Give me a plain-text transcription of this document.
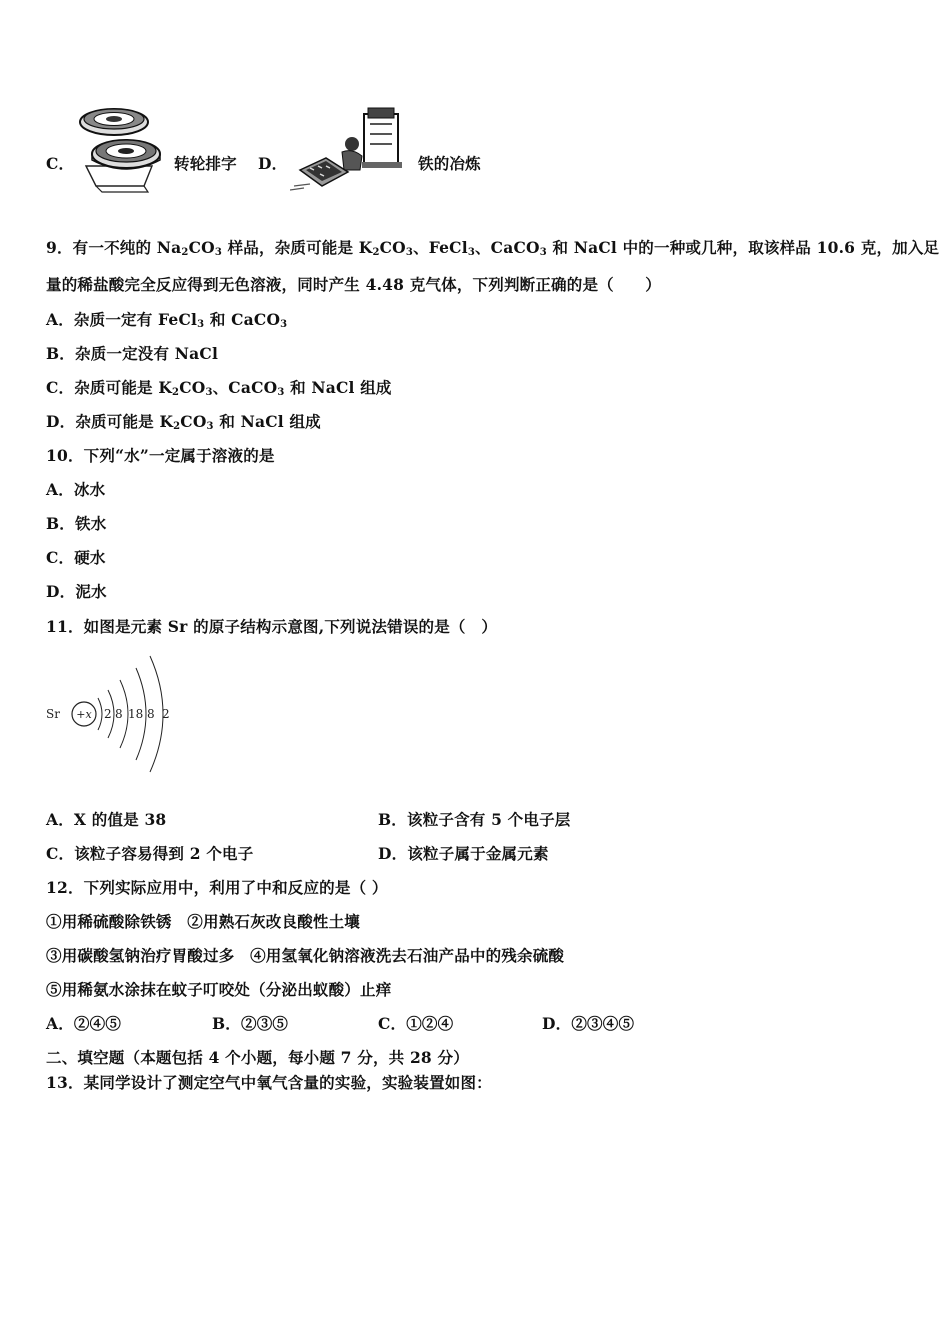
C．	转轮排字 D．	铁的冶炼
9．有一不纯的 $Na_2CO_3$ 样品，杂质可能是 $K_2CO_3$、FeCl$_3$、CaCO$_3$ 和 NaCl 中的一种或几种，取该样品 10.6 克，加入足
量的稀盐酸完全反应得到无色溶液，同时产生 4.48 克气体，下列判断正确的是（　　）
A．杂质一定有 FeCl$_3$ 和 CaCO$_3$
B．杂质一定没有 NaCl
C．杂质可能是 $K_2CO_3$、CaCO$_3$ 和 NaCl 组成
D．杂质可能是 $K_2CO_3$ 和 NaCl 组成
10．下列“水”一定属于溶液的是
A．冰水
B．铁水
C．硬水
D．泥水
11．如图是元素 Sr 的原子结构示意图,下列说法错误的是（　）
Sr +x 2 8 18 8 2
A．X 的值是 38	B．该粒子含有 5 个电子层
C．该粒子容易得到 2 个电子	D．该粒子属于金属元素
12．下列实际应用中，利用了中和反应的是（ ）
①用稀硫酸除铁锈　②用熟石灰改良酸性土壤
③用碳酸氢钠治疗胃酸过多　④用氢氧化钠溶液洗去石油产品中的残余硫酸
⑤用稀氨水涂抹在蚊子叮咬处（分泌出蚁酸）止痒
A．②④⑤	B．②③⑤	C．①②④	D．②③④⑤
二、填空题（本题包括 4 个小题，每小题 7 分，共 28 分）
13．某同学设计了测定空气中氧气含量的实验，实验装置如图：
